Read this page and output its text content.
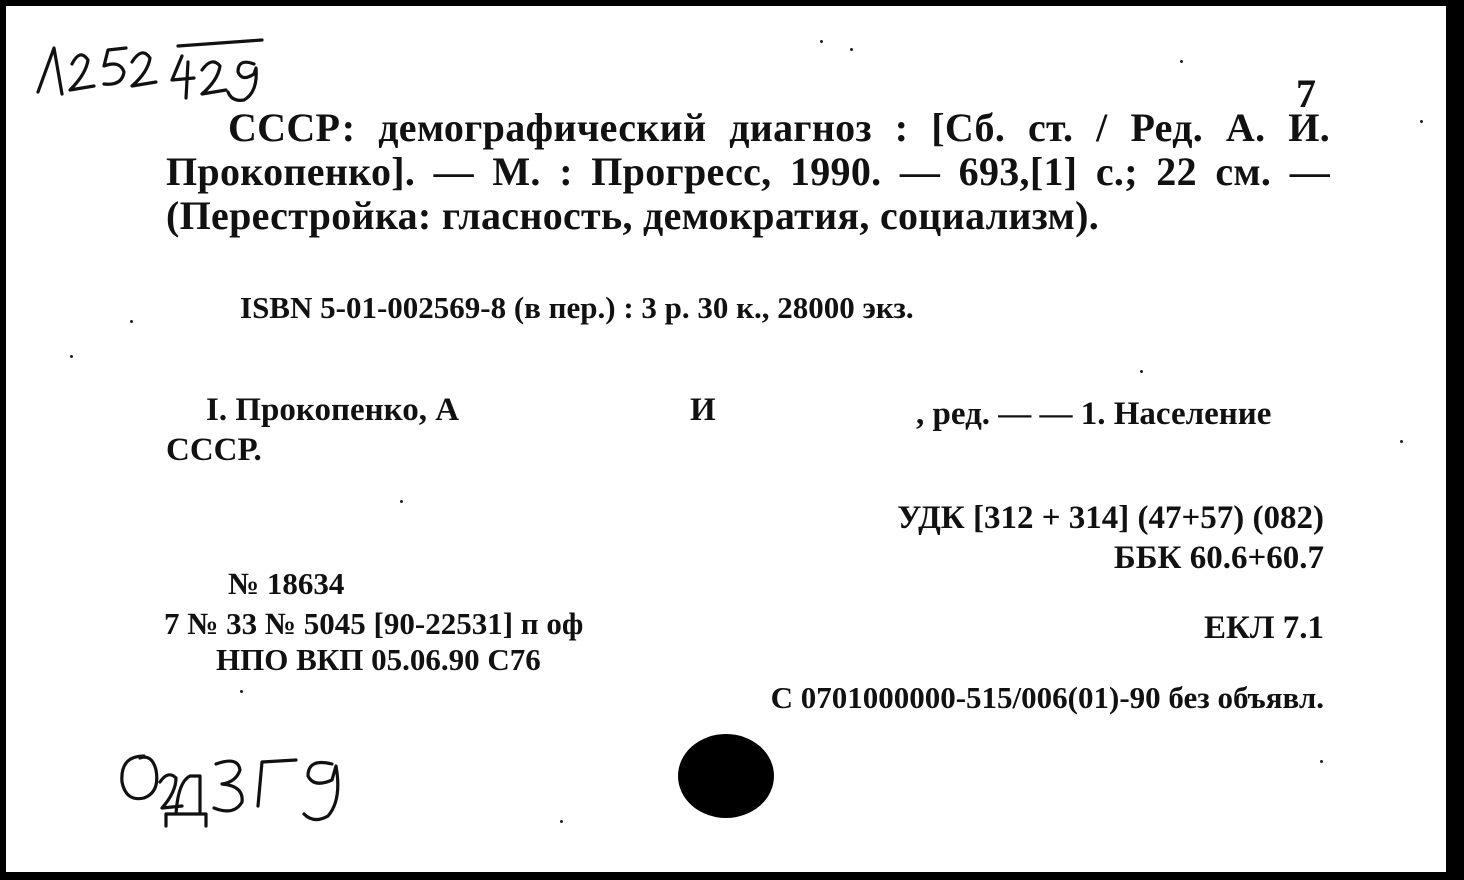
7
СССР: демографический диагноз : [Сб. ст. / Ред. А. И. Прокопенко]. — М. : Прогресс, 1990. — 693,[1] с.; 22 см. — (Перестройка: гласность, демократия, социализм).
ISBN 5-01-002569-8 (в пер.) : 3 р. 30 к., 28000 экз.
I. Прокопенко, А	И	, ред. — — 1. Население
СССР.
УДК [312 + 314] (47+57) (082)
ББК 60.6+60.7
№ 18634
7 № 33 № 5045 [90-22531] п оф	ЕКЛ 7.1
НПО ВКП 05.06.90 С76
С 0701000000-515/006(01)-90 без объявл.
